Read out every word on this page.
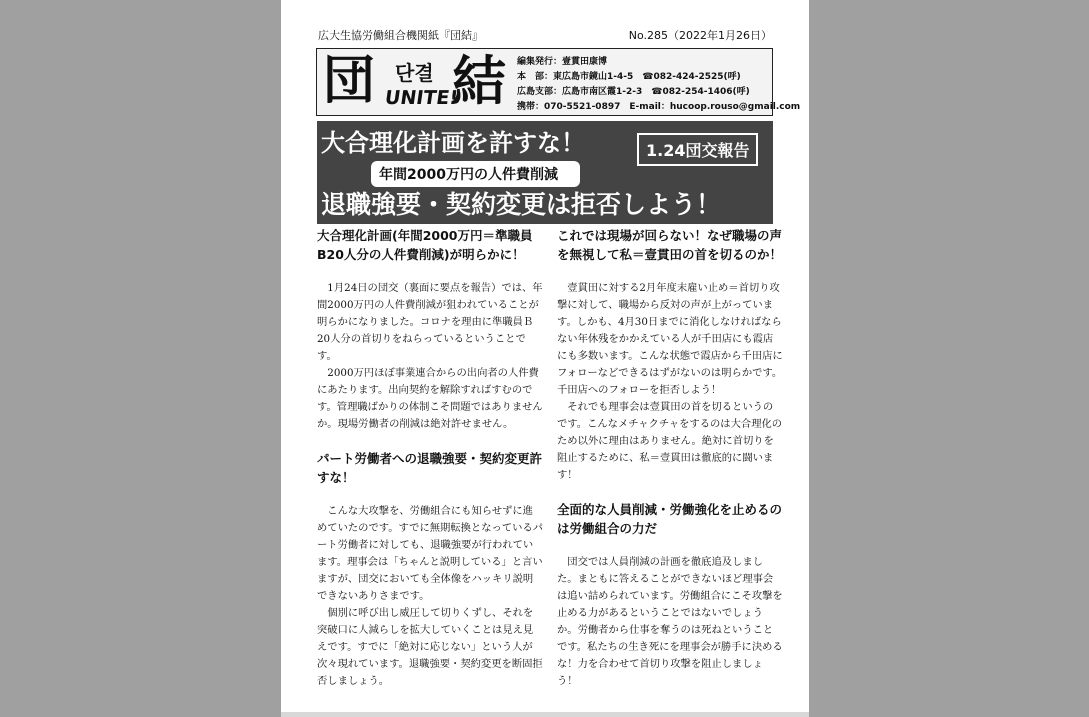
広大生協労働組合機関紙『団結』	No.285（2022年1月26日）
団 단결
UNITE!
結 編集発行：壹貫田康博
本　部：東広島市鏡山1-4-5　☎082-424-2525(呼)
広島支部：広島市南区霞1-2-3　☎082-254-1406(呼)
携帯：070-5521-0897　E-mail：hucoop.rouso@gmail.com
大合理化計画を許すな！	1.24団交報告
年間2000万円の人件費削減
退職強要・契約変更は拒否しよう！
大合理化計画(年間2000万円＝準職員B20人分の人件費削減)が明らかに！
1月24日の団交（裏面に要点を報告）では、年間2000万円の人件費削減が狙われていることが明らかになりました。コロナを理由に準職員Ｂ20人分の首切りをねらっているということです。
2000万円ほぼ事業連合からの出向者の人件費にあたります。出向契約を解除すればすむのです。管理職ばかりの体制こそ問題ではありませんか。現場労働者の削減は絶対許せません。
パート労働者への退職強要・契約変更許すな！
こんな大攻撃を、労働組合にも知らせずに進めていたのです。すでに無期転換となっているパート労働者に対しても、退職強要が行われています。理事会は「ちゃんと説明している」と言いますが、団交においても全体像をハッキリ説明できないありさまです。
個別に呼び出し威圧して切りくずし、それを突破口に人減らしを拡大していくことは見え見えです。すでに「絶対に応じない」という人が次々現れています。退職強要・契約変更を断固拒否しましょう。
これでは現場が回らない！なぜ職場の声を無視して私＝壹貫田の首を切るのか！
壹貫田に対する2月年度末雇い止め＝首切り攻撃に対して、職場から反対の声が上がっています。しかも、4月30日までに消化しなければならない年休残をかかえている人が千田店にも霞店にも多数います。こんな状態で霞店から千田店にフォローなどできるはずがないのは明らかです。千田店へのフォローを拒否しよう！
それでも理事会は壹貫田の首を切るというのです。こんなメチャクチャをするのは大合理化のため以外に理由はありません。絶対に首切りを阻止するために、私＝壹貫田は徹底的に闘います！
全面的な人員削減・労働強化を止めるのは労働組合の力だ
団交では人員削減の計画を徹底追及しました。まともに答えることができないほど理事会は追い詰められています。労働組合にこそ攻撃を止める力があるということではないでしょうか。労働者から仕事を奪うのは死ねということです。私たちの生き死にを理事会が勝手に決めるな！力を合わせて首切り攻撃を阻止しましょう！
